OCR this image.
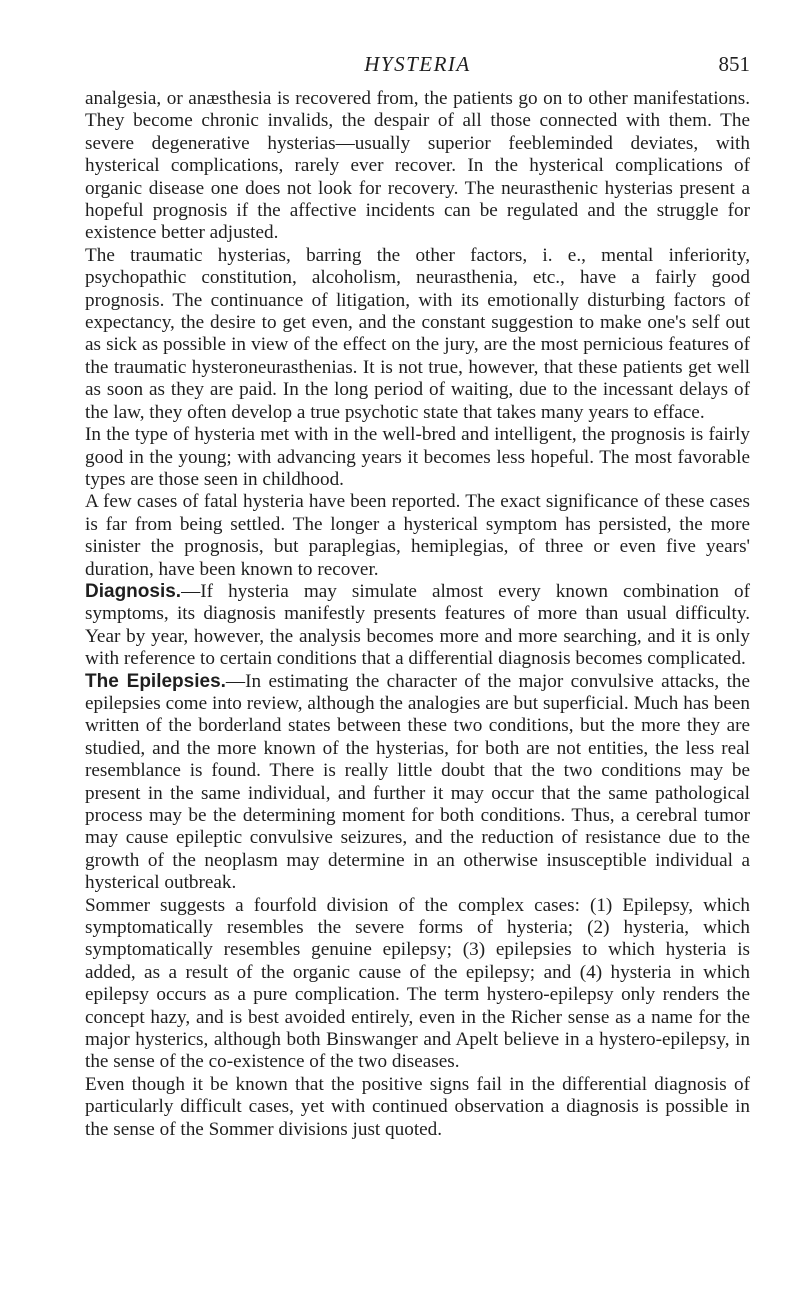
HYSTERIA	851

analgesia, or anæsthesia is recovered from, the patients go on to other manifestations. They become chronic invalids, the despair of all those connected with them. The severe degenerative hysterias—usually superior feebleminded deviates, with hysterical complications, rarely ever recover. In the hysterical complications of organic disease one does not look for recovery. The neurasthenic hysterias present a hopeful prognosis if the affective incidents can be regulated and the struggle for existence better adjusted.

The traumatic hysterias, barring the other factors, i. e., mental inferiority, psychopathic constitution, alcoholism, neurasthenia, etc., have a fairly good prognosis. The continuance of litigation, with its emotionally disturbing factors of expectancy, the desire to get even, and the constant suggestion to make one's self out as sick as possible in view of the effect on the jury, are the most pernicious features of the traumatic hysteroneurasthenias. It is not true, however, that these patients get well as soon as they are paid. In the long period of waiting, due to the incessant delays of the law, they often develop a true psychotic state that takes many years to efface.

In the type of hysteria met with in the well-bred and intelligent, the prognosis is fairly good in the young; with advancing years it becomes less hopeful. The most favorable types are those seen in childhood.

A few cases of fatal hysteria have been reported. The exact significance of these cases is far from being settled. The longer a hysterical symptom has persisted, the more sinister the prognosis, but paraplegias, hemiplegias, of three or even five years' duration, have been known to recover.

Diagnosis.—If hysteria may simulate almost every known combination of symptoms, its diagnosis manifestly presents features of more than usual difficulty. Year by year, however, the analysis becomes more and more searching, and it is only with reference to certain conditions that a differential diagnosis becomes complicated.

The Epilepsies.—In estimating the character of the major convulsive attacks, the epilepsies come into review, although the analogies are but superficial. Much has been written of the borderland states between these two conditions, but the more they are studied, and the more known of the hysterias, for both are not entities, the less real resemblance is found. There is really little doubt that the two conditions may be present in the same individual, and further it may occur that the same pathological process may be the determining moment for both conditions. Thus, a cerebral tumor may cause epileptic convulsive seizures, and the reduction of resistance due to the growth of the neoplasm may determine in an otherwise insusceptible individual a hysterical outbreak.

Sommer suggests a fourfold division of the complex cases: (1) Epilepsy, which symptomatically resembles the severe forms of hysteria; (2) hysteria, which symptomatically resembles genuine epilepsy; (3) epilepsies to which hysteria is added, as a result of the organic cause of the epilepsy; and (4) hysteria in which epilepsy occurs as a pure complication. The term hystero-epilepsy only renders the concept hazy, and is best avoided entirely, even in the Richer sense as a name for the major hysterics, although both Binswanger and Apelt believe in a hystero-epilepsy, in the sense of the co-existence of the two diseases.

Even though it be known that the positive signs fail in the differential diagnosis of particularly difficult cases, yet with continued observation a diagnosis is possible in the sense of the Sommer divisions just quoted.
